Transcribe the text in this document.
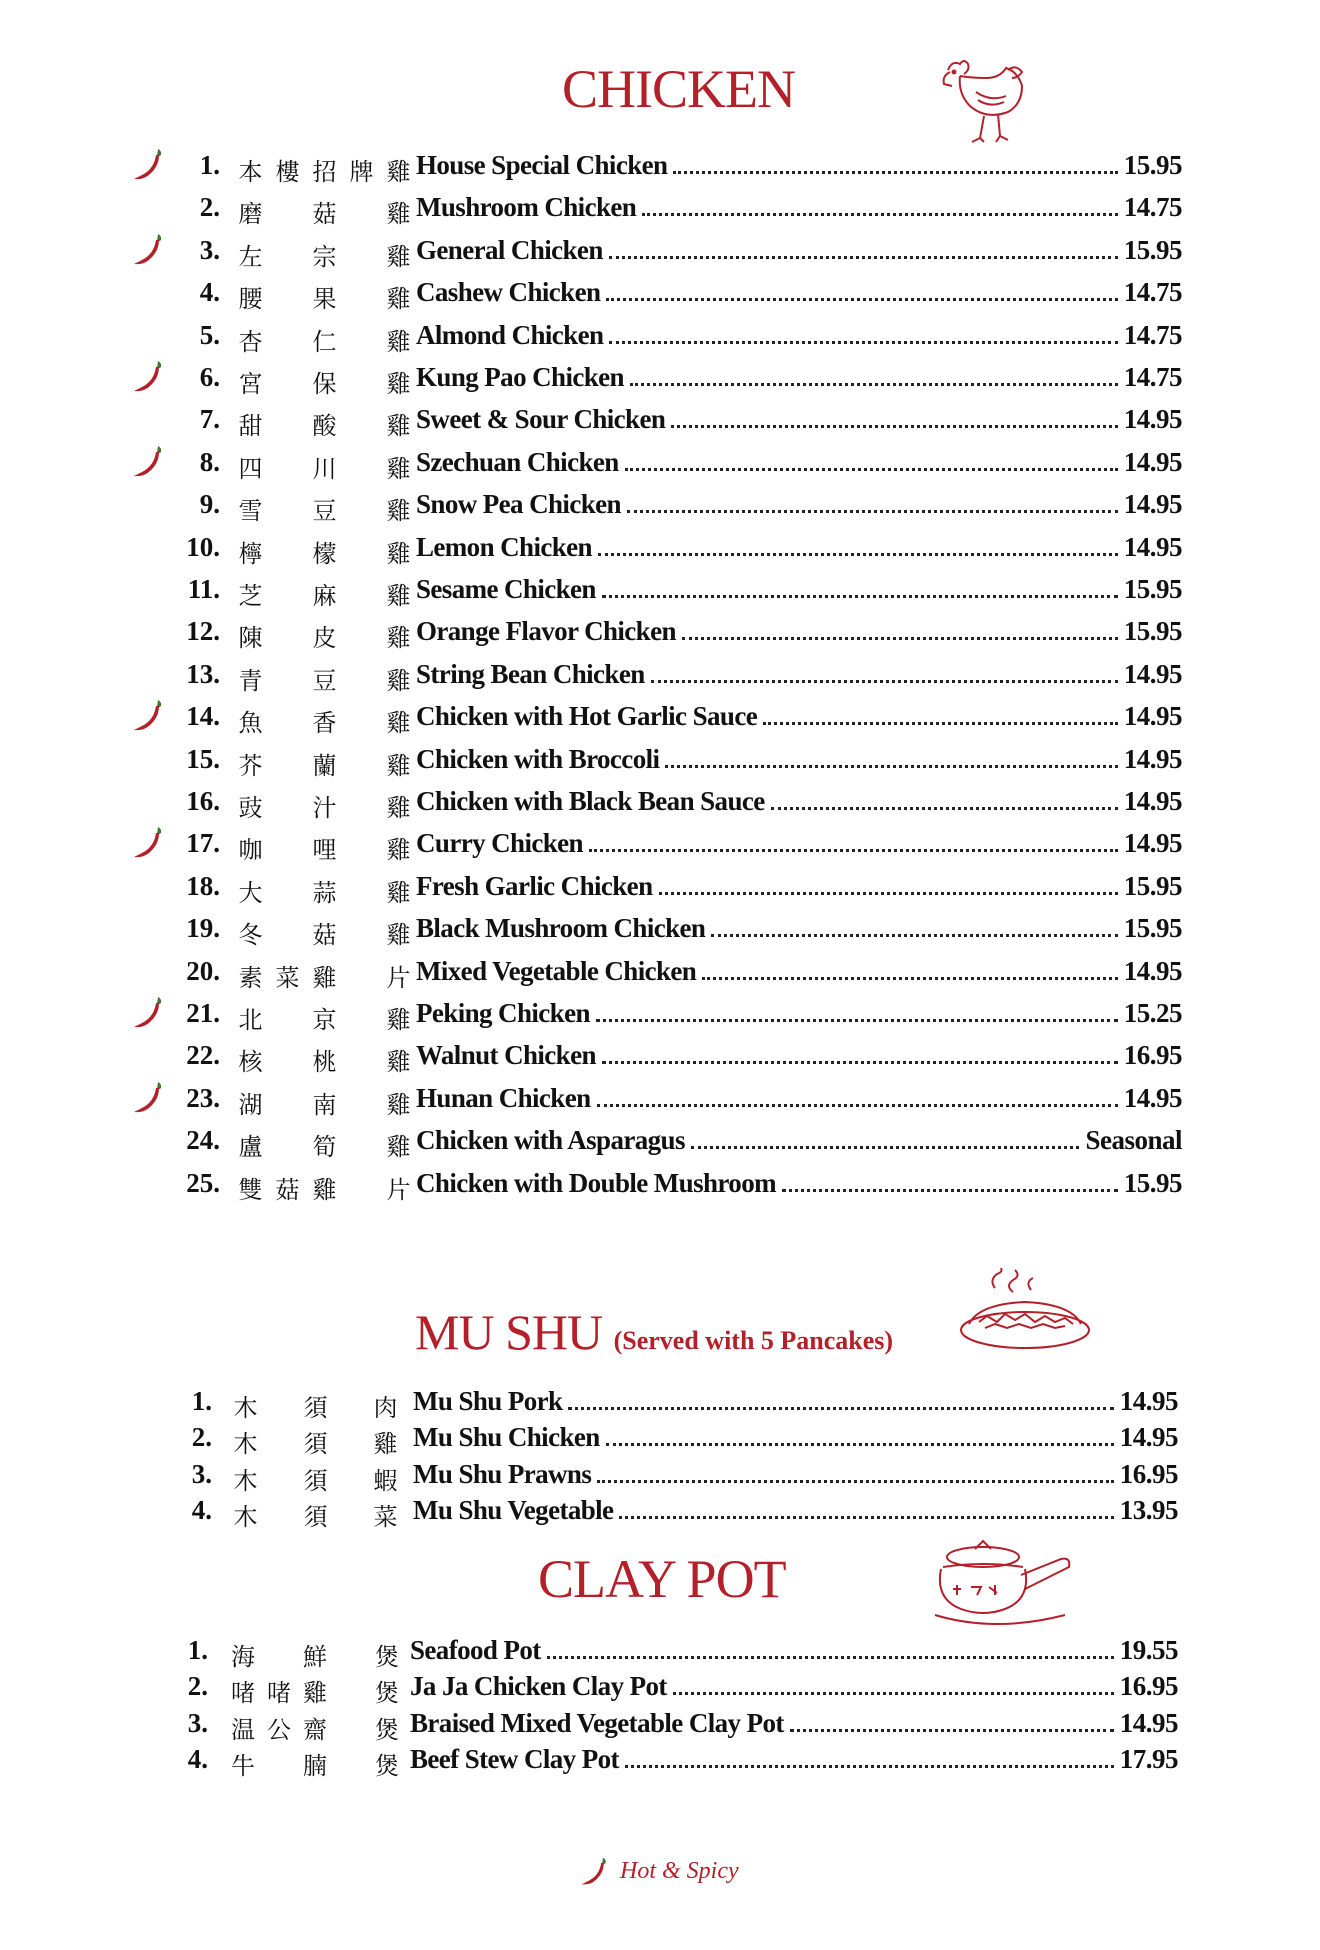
CHICKEN
1. 本 樓 招 牌 雞 House Special Chicken	15.95
2. 磨 菇 雞 Mushroom Chicken	14.75
3. 左 宗 雞 General Chicken	15.95
4. 腰 果 雞 Cashew Chicken	14.75
5. 杏 仁 雞 Almond Chicken	14.75
6. 宮 保 雞 Kung Pao Chicken	14.75
7. 甜 酸 雞 Sweet & Sour Chicken	14.95
8. 四 川 雞 Szechuan Chicken	14.95
9. 雪 豆 雞 Snow Pea Chicken	14.95
10. 檸 檬 雞 Lemon Chicken	14.95
11. 芝 麻 雞 Sesame Chicken	15.95
12. 陳 皮 雞 Orange Flavor Chicken	15.95
13. 青 豆 雞 String Bean Chicken	14.95
14. 魚 香 雞 Chicken with Hot Garlic Sauce	14.95
15. 芥 蘭 雞 Chicken with Broccoli	14.95
16. 豉 汁 雞 Chicken with Black Bean Sauce	14.95
17. 咖 哩 雞 Curry Chicken	14.95
18. 大 蒜 雞 Fresh Garlic Chicken	15.95
19. 冬 菇 雞 Black Mushroom Chicken	15.95
20. 素 菜 雞 片 Mixed Vegetable Chicken	14.95
21. 北 京 雞 Peking Chicken	15.25
22. 核 桃 雞 Walnut Chicken	16.95
23. 湖 南 雞 Hunan Chicken	14.95
24. 盧 筍 雞 Chicken with Asparagus	Seasonal
25. 雙 菇 雞 片 Chicken with Double Mushroom	15.95
MU SHU (Served with 5 Pancakes)
1. 木 須 肉 Mu Shu Pork	14.95
2. 木 須 雞 Mu Shu Chicken	14.95
3. 木 須 蝦 Mu Shu Prawns	16.95
4. 木 須 菜 Mu Shu Vegetable	13.95
CLAY POT
1. 海 鮮 煲 Seafood Pot	19.55
2. 啫 啫 雞 煲 Ja Ja Chicken Clay Pot	16.95
3. 温 公 齋 煲 Braised Mixed Vegetable Clay Pot	14.95
4. 牛 腩 煲 Beef Stew Clay Pot	17.95
Hot & Spicy
